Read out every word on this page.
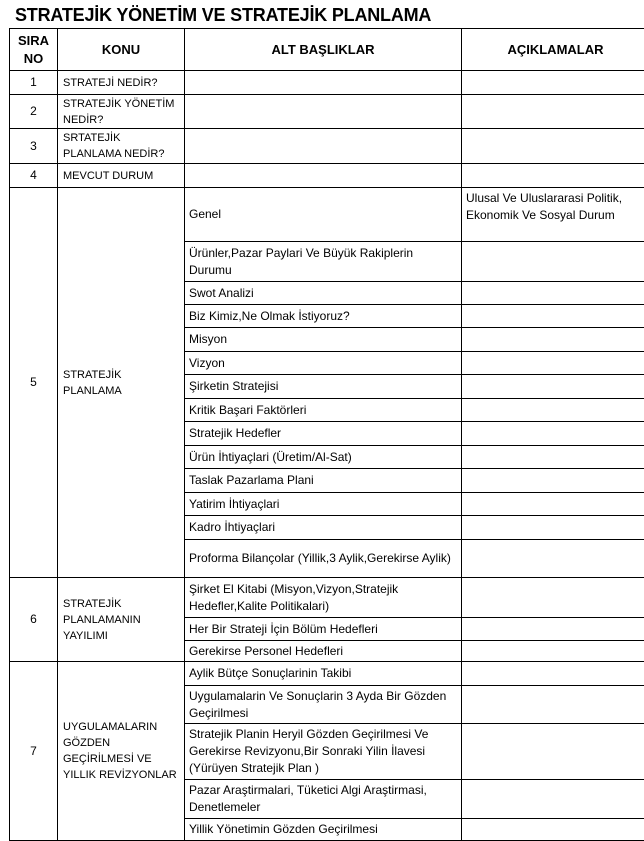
STRATEJİK YÖNETİM VE STRATEJİK PLANLAMA
SIRA NO	KONU	ALT BAŞLIKLAR	AÇIKLAMALAR
1	STRATEJİ NEDİR?		
2	STRATEJİK YÖNETİM NEDİR?		
3	SRTATEJİK PLANLAMA NEDİR?		
4	MEVCUT DURUM		
5	STRATEJİK PLANLAMA	Genel	Ulusal Ve Uluslararasi Politik, Ekonomik Ve Sosyal Durum
		Ürünler,Pazar Paylari Ve Büyük Rakiplerin Durumu	
		Swot Analizi	
		Biz Kimiz,Ne Olmak İstiyoruz?	
		Misyon	
		Vizyon	
		Şirketin Stratejisi	
		Kritik Başari Faktörleri	
		Stratejik Hedefler	
		Ürün İhtiyaçlari (Üretim/Al-Sat)	
		Taslak Pazarlama Plani	
		Yatirim İhtiyaçlari	
		Kadro İhtiyaçlari	
		Proforma Bilançolar (Yillik,3 Aylik,Gerekirse Aylik)	
6	STRATEJİK PLANLAMANIN YAYILIMI	Şirket El Kitabi (Misyon,Vizyon,Stratejik Hedefler,Kalite Politikalari)	
		Her Bir Strateji İçin Bölüm Hedefleri	
		Gerekirse Personel Hedefleri	
7	UYGULAMALARIN GÖZDEN GEÇİRİLMESİ VE YILLIK REVİZYONLAR	Aylik Bütçe Sonuçlarinin Takibi	
		Uygulamalarin Ve Sonuçlarin 3 Ayda Bir Gözden Geçirilmesi	
		Stratejik Planin Heryil Gözden Geçirilmesi Ve Gerekirse Revizyonu,Bir Sonraki Yilin İlavesi (Yürüyen Stratejik Plan )	
		Pazar Araştirmalari, Tüketici Algi Araştirmasi, Denetlemeler	
		Yillik Yönetimin Gözden Geçirilmesi	
